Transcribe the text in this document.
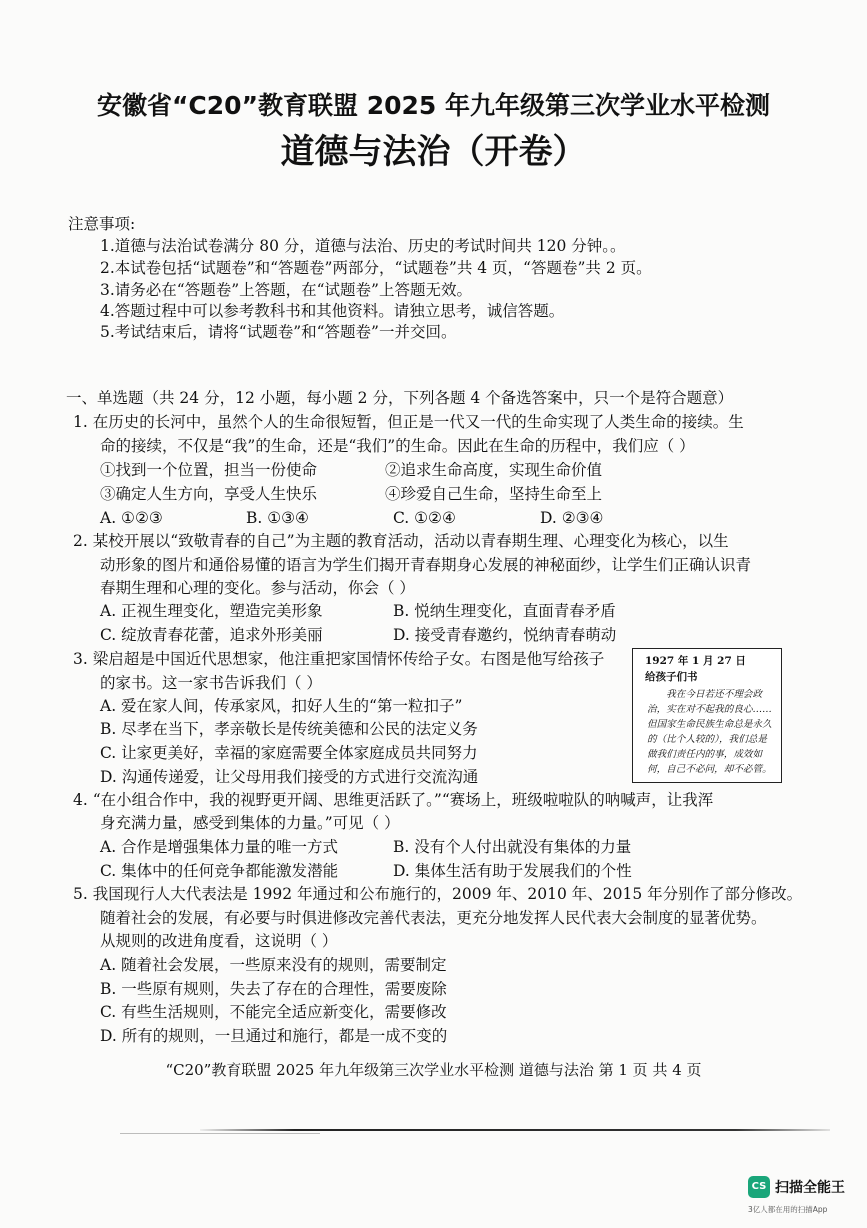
安徽省“C20”教育联盟 2025 年九年级第三次学业水平检测
道德与法治（开卷）
注意事项:
1.道德与法治试卷满分 80 分，道德与法治、历史的考试时间共 120 分钟。。
2.本试卷包括“试题卷”和“答题卷”两部分，“试题卷”共 4 页，“答题卷”共 2 页。
3.请务必在“答题卷”上答题，在“试题卷”上答题无效。
4.答题过程中可以参考教科书和其他资料。请独立思考，诚信答题。
5.考试结束后，请将“试题卷”和“答题卷”一并交回。
一、单选题（共 24 分，12 小题，每小题 2 分，下列各题 4 个备选答案中，只一个是符合题意）
1. 在历史的长河中，虽然个人的生命很短暂，但正是一代又一代的生命实现了人类生命的接续。生
命的接续，不仅是“我”的生命，还是“我们”的生命。因此在生命的历程中，我们应（ ）
①找到一个位置，担当一份使命	②追求生命高度，实现生命价值
③确定人生方向，享受人生快乐	④珍爱自己生命，坚持生命至上
A. ①②③	B. ①③④	C. ①②④	D. ②③④
2. 某校开展以“致敬青春的自己”为主题的教育活动，活动以青春期生理、心理变化为核心，以生
动形象的图片和通俗易懂的语言为学生们揭开青春期身心发展的神秘面纱，让学生们正确认识青
春期生理和心理的变化。参与活动，你会（ ）
A. 正视生理变化，塑造完美形象	B. 悦纳生理变化，直面青春矛盾
C. 绽放青春花蕾，追求外形美丽	D. 接受青春邀约，悦纳青春萌动
3. 梁启超是中国近代思想家，他注重把家国情怀传给子女。右图是他写给孩子
的家书。这一家书告诉我们（ ）
A. 爱在家人间，传承家风，扣好人生的“第一粒扣子”
B. 尽孝在当下，孝亲敬长是传统美德和公民的法定义务
C. 让家更美好，幸福的家庭需要全体家庭成员共同努力
D. 沟通传递爱，让父母用我们接受的方式进行交流沟通
1927 年 1 月 27 日
给孩子们书
我在今日若还不理会政治，实在对不起我的良心……但国家生命民族生命总是永久的（比个人较的），我们总是做我们责任内的事，成效如何，自己不必问，却不必管。
4. “在小组合作中，我的视野更开阔、思维更活跃了。”“赛场上，班级啦啦队的呐喊声，让我浑
身充满力量，感受到集体的力量。”可见（ ）
A. 合作是增强集体力量的唯一方式	B. 没有个人付出就没有集体的力量
C. 集体中的任何竞争都能激发潜能	D. 集体生活有助于发展我们的个性
5. 我国现行人大代表法是 1992 年通过和公布施行的，2009 年、2010 年、2015 年分别作了部分修改。
随着社会的发展，有必要与时俱进修改完善代表法，更充分地发挥人民代表大会制度的显著优势。
从规则的改进角度看，这说明（ ）
A. 随着社会发展，一些原来没有的规则，需要制定
B. 一些原有规则，失去了存在的合理性，需要废除
C. 有些生活规则，不能完全适应新变化，需要修改
D. 所有的规则，一旦通过和施行，都是一成不变的
“C20”教育联盟 2025 年九年级第三次学业水平检测 道德与法治 第 1 页 共 4 页
CS 扫描全能王
3亿人都在用的扫描App
